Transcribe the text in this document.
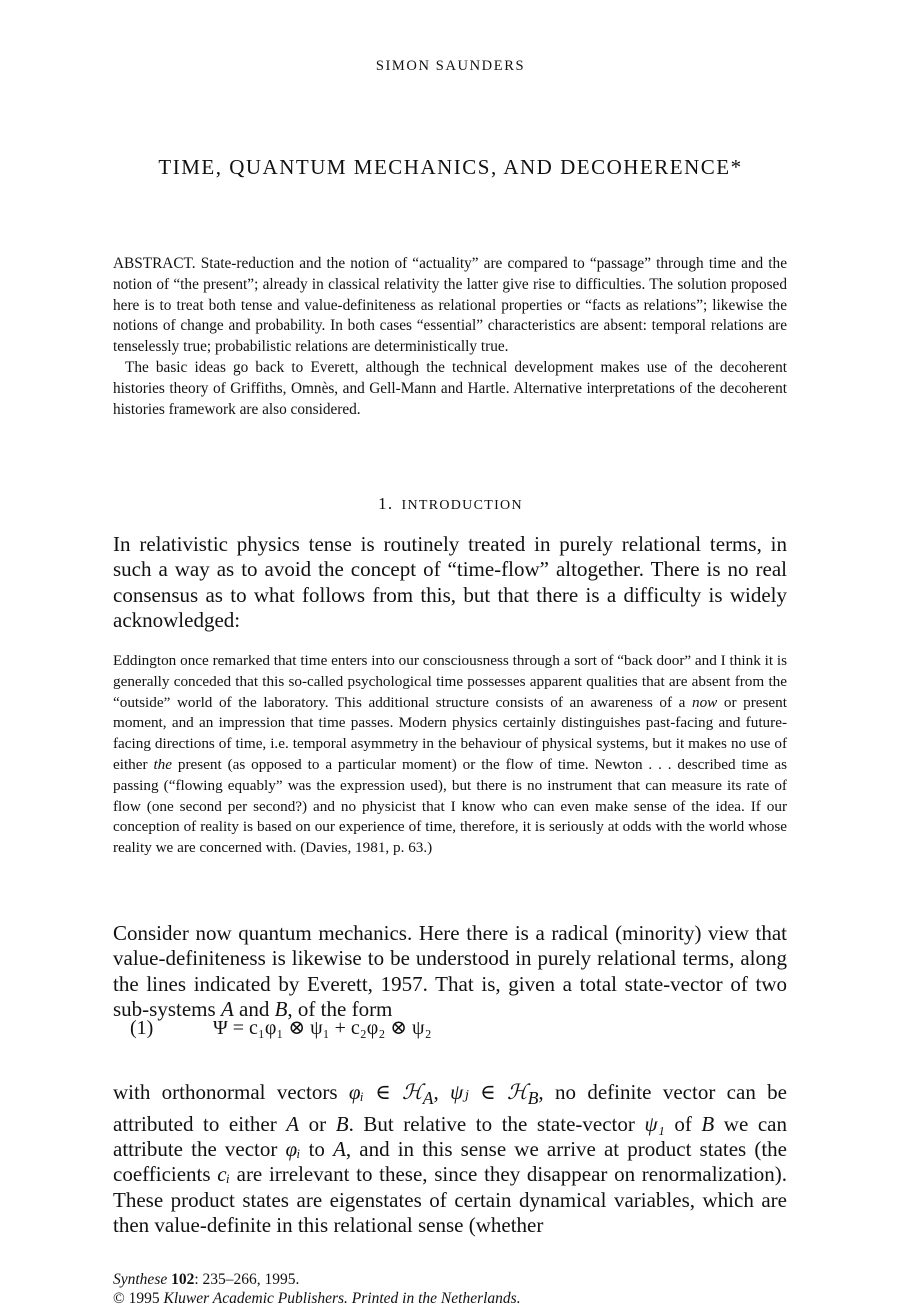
SIMON SAUNDERS
TIME, QUANTUM MECHANICS, AND DECOHERENCE*

ABSTRACT. State-reduction and the notion of “actuality” are compared to “passage” through time and the notion of “the present”; already in classical relativity the latter give rise to difficulties. The solution proposed here is to treat both tense and value-definiteness as relational properties or “facts as relations”; likewise the notions of change and probability. In both cases “essential” characteristics are absent: temporal relations are tenselessly true; probabilistic relations are deterministically true.

The basic ideas go back to Everett, although the technical development makes use of the decoherent histories theory of Griffiths, Omnès, and Gell-Mann and Hartle. Alternative interpretations of the decoherent histories framework are also considered.

1. INTRODUCTION

In relativistic physics tense is routinely treated in purely relational terms, in such a way as to avoid the concept of “time-flow” altogether. There is no real consensus as to what follows from this, but that there is a difficulty is widely acknowledged:

Eddington once remarked that time enters into our consciousness through a sort of “back door” and I think it is generally conceded that this so-called psychological time possesses apparent qualities that are absent from the “outside” world of the laboratory. This additional structure consists of an awareness of a now or present moment, and an impression that time passes. Modern physics certainly distinguishes past-facing and future-facing directions of time, i.e. temporal asymmetry in the behaviour of physical systems, but it makes no use of either the present (as opposed to a particular moment) or the flow of time. Newton . . . described time as passing (“flowing equably” was the expression used), but there is no instrument that can measure its rate of flow (one second per second?) and no physicist that I know who can even make sense of the idea. If our conception of reality is based on our experience of time, therefore, it is seriously at odds with the world whose reality we are concerned with. (Davies, 1981, p. 63.)

Consider now quantum mechanics. Here there is a radical (minority) view that value-definiteness is likewise to be understood in purely relational terms, along the lines indicated by Everett, 1957. That is, given a total state-vector of two sub-systems A and B, of the form

(1)	Ψ = c₁φ₁ ⊗ ψ₁ + c₂φ₂ ⊗ ψ₂

with orthonormal vectors φᵢ ∈ ℋ$_A$, ψⱼ ∈ ℋ$_B$, no definite vector can be attributed to either A or B. But relative to the state-vector ψ₁ of B we can attribute the vector φᵢ to A, and in this sense we arrive at product states (the coefficients cᵢ are irrelevant to these, since they disappear on renormalization). These product states are eigenstates of certain dynamical variables, which are then value-definite in this relational sense (whether

Synthese 102: 235–266, 1995.
© 1995 Kluwer Academic Publishers. Printed in the Netherlands.
